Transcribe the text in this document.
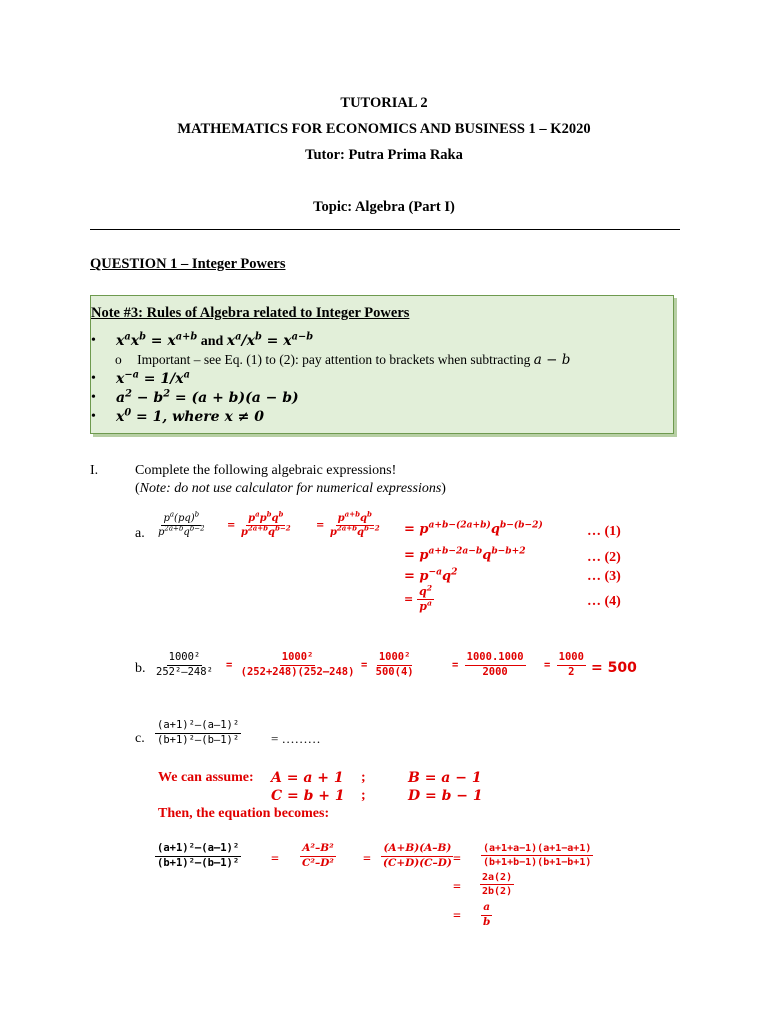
TUTORIAL 2
MATHEMATICS FOR ECONOMICS AND BUSINESS 1 – K2020
Tutor: Putra Prima Raka
Topic: Algebra (Part I)
QUESTION 1 – Integer Powers
Note #3: Rules of Algebra related to Integer Powers
• $x^ax^b = x^{a+b}$ and $x^a/x^b = x^{a-b}$
o Important – see Eq. (1) to (2): pay attention to brackets when subtracting a − b
• $x^{-a} = 1/x^a$
• $a^2 - b^2 = (a + b)(a - b)$
• $x^0 = 1$, where x ≠ 0
I.	Complete the following algebraic expressions!
(Note: do not use calculator for numerical expressions)
a. $\frac{p^a(pq)^b}{p^{2a+b}q^{b-2}} = \frac{p^ap^bq^b}{p^{2a+b}q^{b-2}} = \frac{p^{a+b}q^b}{p^{2a+b}q^{b-2}} = p^{a+b-(2a+b)}q^{b-(b-2)}$
= $p^{a+b-2a-b}q^{b-b+2}$
= $p^{-a}q^2$
= $\frac{q^2}{p^a}$
… (1)
… (2)
… (3)
… (4)
b. $\frac{\text{1000²}}{\text{252²–248²}} = \frac{\text{1000²}}{(252+248)(252-248)} = \frac{\text{1000²}}{500(4)}$	= $\frac{1000.1000}{2000} = \frac{1000}{2} = 500$
c. $\frac{\text{(a+1)²–(a–1)²}}{\text{(b+1)²–(b–1)²}}$ = ………
We can assume: A = a + 1 ;	B = a − 1
C = b + 1 ;	D = b − 1
Then, the equation becomes:
$\frac{\text{(a+1)²–(a–1)²}}{\text{(b+1)²–(b–1)²}} = \frac{\text{A²–B²}}{\text{C²–D²}} = \frac{(A+B)(A-B)}{(C+D)(C-D)} = \frac{(a+1+a-1)(a+1-a+1)}{(b+1+b-1)(b+1-b+1)}$
= $\frac{2a(2)}{2b(2)}$
= $\frac{a}{b}$
